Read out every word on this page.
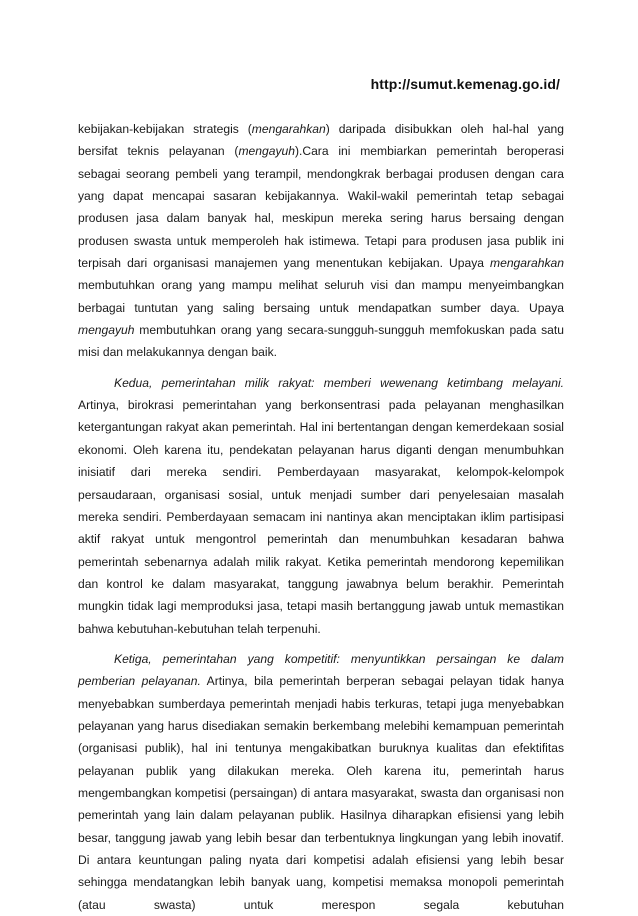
http://sumut.kemenag.go.id/

kebijakan-kebijakan strategis (mengarahkan) daripada disibukkan oleh hal-hal yang bersifat teknis pelayanan (mengayuh).Cara ini membiarkan pemerintah beroperasi sebagai seorang pembeli yang terampil, mendongkrak berbagai produsen dengan cara yang dapat mencapai sasaran kebijakannya. Wakil-wakil pemerintah tetap sebagai produsen jasa dalam banyak hal, meskipun mereka sering harus bersaing dengan produsen swasta untuk memperoleh hak istimewa. Tetapi para produsen jasa publik ini terpisah dari organisasi manajemen yang menentukan kebijakan. Upaya mengarahkan membutuhkan orang yang mampu melihat seluruh visi dan mampu menyeimbangkan berbagai tuntutan yang saling bersaing untuk mendapatkan sumber daya. Upaya mengayuh membutuhkan orang yang secara-sungguh-sungguh memfokuskan pada satu misi dan melakukannya dengan baik.

Kedua, pemerintahan milik rakyat: memberi wewenang ketimbang melayani. Artinya, birokrasi pemerintahan yang berkonsentrasi pada pelayanan menghasilkan ketergantungan rakyat akan pemerintah. Hal ini bertentangan dengan kemerdekaan sosial ekonomi. Oleh karena itu, pendekatan pelayanan harus diganti dengan menumbuhkan inisiatif dari mereka sendiri. Pemberdayaan masyarakat, kelompok-kelompok persaudaraan, organisasi sosial, untuk menjadi sumber dari penyelesaian masalah mereka sendiri. Pemberdayaan semacam ini nantinya akan menciptakan iklim partisipasi aktif rakyat untuk mengontrol pemerintah dan menumbuhkan kesadaran bahwa pemerintah sebenarnya adalah milik rakyat. Ketika pemerintah mendorong kepemilikan dan kontrol ke dalam masyarakat, tanggung jawabnya belum berakhir. Pemerintah mungkin tidak lagi memproduksi jasa, tetapi masih bertanggung jawab untuk memastikan bahwa kebutuhan-kebutuhan telah terpenuhi.

Ketiga, pemerintahan yang kompetitif: menyuntikkan persaingan ke dalam pemberian pelayanan. Artinya, bila pemerintah berperan sebagai pelayan tidak hanya menyebabkan sumberdaya pemerintah menjadi habis terkuras, tetapi juga menyebabkan pelayanan yang harus disediakan semakin berkembang melebihi kemampuan pemerintah (organisasi publik), hal ini tentunya mengakibatkan buruknya kualitas dan efektifitas pelayanan publik yang dilakukan mereka. Oleh karena itu, pemerintah harus mengembangkan kompetisi (persaingan) di antara masyarakat, swasta dan organisasi non pemerintah yang lain dalam pelayanan publik. Hasilnya diharapkan efisiensi yang lebih besar, tanggung jawab yang lebih besar dan terbentuknya lingkungan yang lebih inovatif. Di antara keuntungan paling nyata dari kompetisi adalah efisiensi yang lebih besar sehingga mendatangkan lebih banyak uang, kompetisi memaksa monopoli pemerintah (atau swasta) untuk merespon segala kebutuhan
